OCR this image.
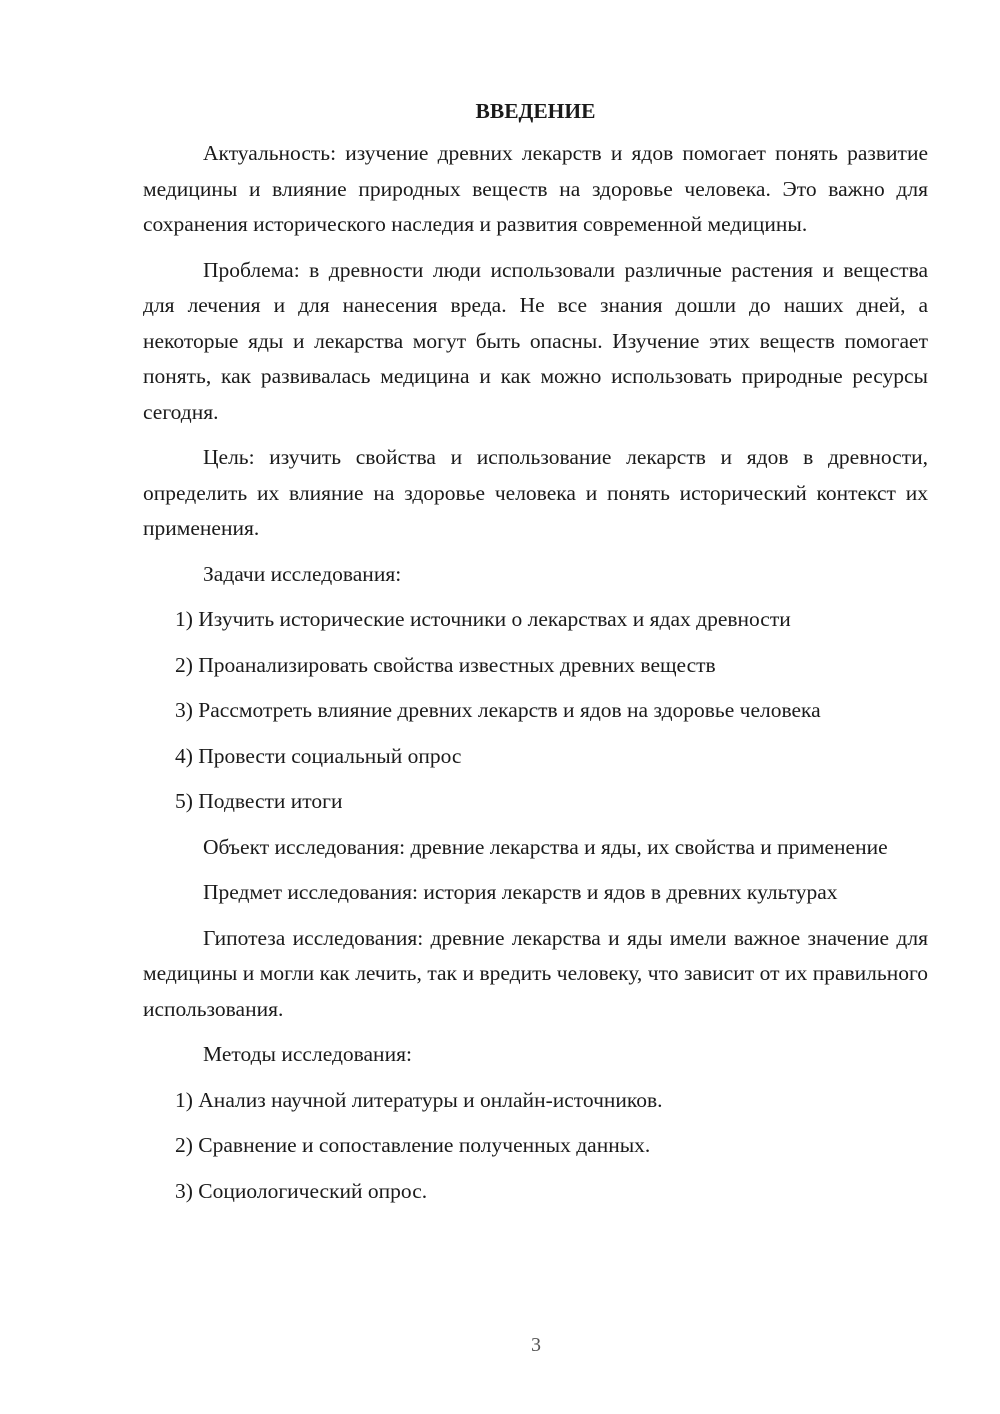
ВВЕДЕНИЕ

Актуальность: изучение древних лекарств и ядов помогает понять развитие медицины и влияние природных веществ на здоровье человека. Это важно для сохранения исторического наследия и развития современной медицины.

Проблема: в древности люди использовали различные растения и вещества для лечения и для нанесения вреда. Не все знания дошли до наших дней, а некоторые яды и лекарства могут быть опасны. Изучение этих веществ помогает понять, как развивалась медицина и как можно использовать природные ресурсы сегодня.

Цель: изучить свойства и использование лекарств и ядов в древности, определить их влияние на здоровье человека и понять исторический контекст их применения.

Задачи исследования:

1) Изучить исторические источники о лекарствах и ядах древности
2) Проанализировать свойства известных древних веществ
3) Рассмотреть влияние древних лекарств и ядов на здоровье человека
4) Провести социальный опрос
5) Подвести итоги

Объект исследования: древние лекарства и яды, их свойства и применение

Предмет исследования: история лекарств и ядов в древних культурах

Гипотеза исследования: древние лекарства и яды имели важное значение для медицины и могли как лечить, так и вредить человеку, что зависит от их правильного использования.

Методы исследования:

1) Анализ научной литературы и онлайн-источников.
2) Сравнение и сопоставление полученных данных.
3) Социологический опрос.
3
